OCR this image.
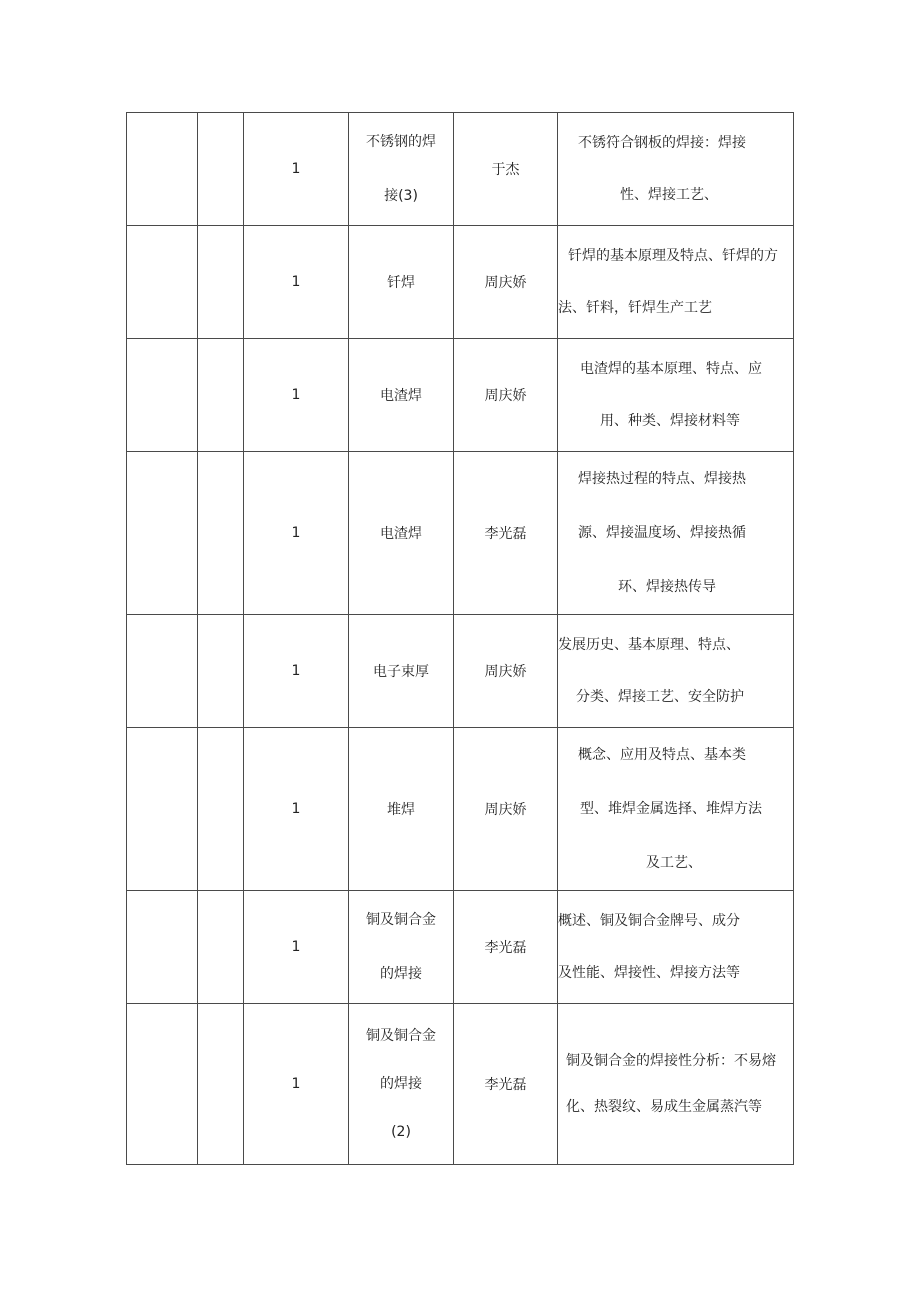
		1	不锈钢的焊
接(3)	于杰	不锈符合钢板的焊接：焊接
性、焊接工艺、

		1	钎焊	周庆娇	钎焊的基本原理及特点、钎焊的方
法、钎料，钎焊生产工艺

		1	电渣焊	周庆娇	电渣焊的基本原理、特点、应
用、种类、焊接材料等

		1	电渣焊	李光磊	焊接热过程的特点、焊接热
源、焊接温度场、焊接热循
环、焊接热传导

		1	电子束厚	周庆娇	发展历史、基本原理、特点、
分类、焊接工艺、安全防护

		1	堆焊	周庆娇	概念、应用及特点、基本类
型、堆焊金属选择、堆焊方法
及工艺、

		1	铜及铜合金
的焊接	李光磊	概述、铜及铜合金牌号、成分
及性能、焊接性、焊接方法等

		1	铜及铜合金
的焊接
(2)	李光磊	铜及铜合金的焊接性分析：不易熔
化、热裂纹、易成生金属蒸汽等
